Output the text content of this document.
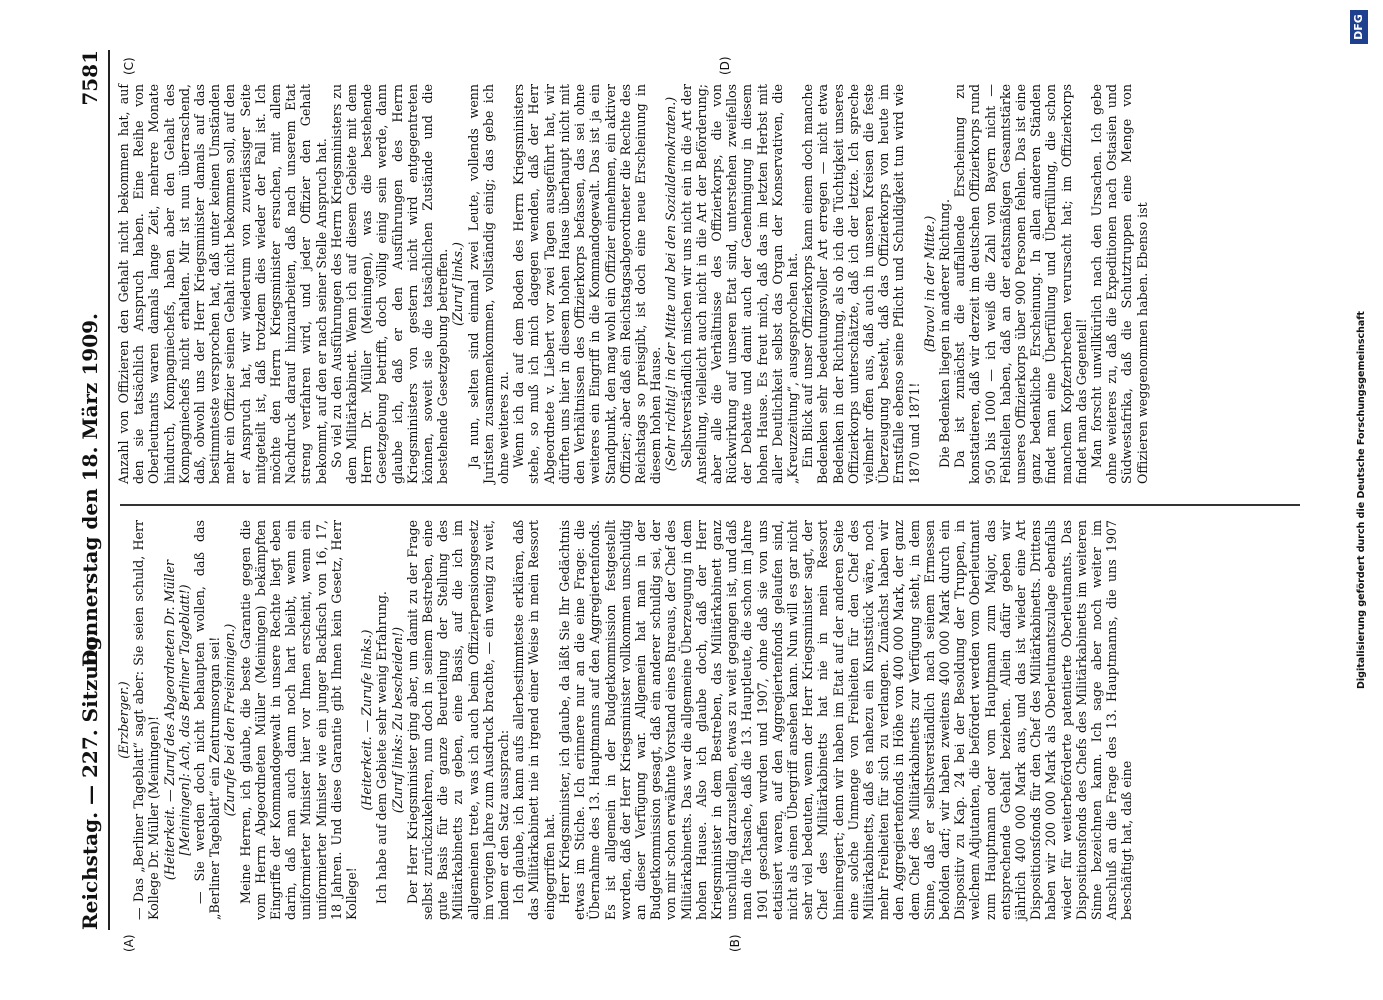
Reichstag. — 227. Sitzung.
Donnerstag den 18. März 1909.
7581
(A)	(B)
(C)	(D)

(Erzberger.) — Das „Berliner Tageblatt“ sagt aber: Sie seien schuld, Herr Kollege Dr. Müller (Meiningen)! (Heiterkeit. — Zuruf des Abgeordneten Dr. Müller [Meiningen]: Ach, das Berliner Tageblatt!) — Sie werden doch nicht behaupten wollen, daß das „Berliner Tageblatt“ ein Zentrumsorgan sei! (Zurufe bei den Freisinnigen.) Meine Herren, ich glaube, die beste Garantie gegen die vom Herrn Abgeordneten Müller (Meiningen) bekämpften Eingriffe der Kommandogewalt in unsere Rechte liegt eben darin, daß man auch dann noch hart bleibt, wenn ein uniformierter Minister hier vor Ihnen erscheint, wenn ein uniformierter Minister wie ein junger Backfisch von 16, 17, 18 Jahren. Und diese Garantie gibt Ihnen kein Gesetz, Herr Kollege!

(Heiterkeit. — Zurufe links.) Ich habe auf dem Gebiete sehr wenig Erfahrung. (Zuruf links: Zu bescheiden!) Der Herr Kriegsminister ging aber, um damit zu der Frage selbst zurückzukehren, nun doch in seinem Bestreben, eine gute Basis für die ganze Beurteilung der Stellung des Militärkabinetts zu geben, eine Basis, auf die ich im allgemeinen trete, was ich auch beim Offizierpensionsgesetz im vorigen Jahre zum Ausdruck brachte, — ein wenig zu weit, indem er den Satz aussprach: Ich glaube, ich kann aufs allerbestimmteste erklären, daß das Militärkabinett nie in irgend einer Weise in mein Ressort eingegriffen hat. Herr Kriegsminister, ich glaube, da läßt Sie Ihr Gedächtnis etwas im Stiche. Ich erinnere nur an die eine Frage: die Übernahme des 13. Hauptmanns auf den Aggregiertenfonds. Es ist allgemein in der Budgetkommission festgestellt worden, daß der Herr Kriegsminister vollkommen unschuldig an dieser Verfügung war. Allgemein hat man in der Budgetkommission gesagt, daß ein anderer schuldig sei, der von mir schon erwähnte Vorstand eines Bureaus, der Chef des Militärkabinetts. Das war die allgemeine Überzeugung in dem hohen Hause. Also ich glaube doch, daß der Herr Kriegsminister in dem Bestreben, das Militärkabinett ganz unschuldig darzustellen, etwas zu weit gegangen ist, und daß man die Tatsache, daß die 13. Hauptleute, die schon im Jahre 1901 geschaffen wurden und 1907, ohne daß sie von uns etatisiert waren, auf den Aggregiertenfonds gelaufen sind, nicht als einen Übergriff ansehen kann. Nun will es gar nicht sehr viel bedeuten, wenn der Herr Kriegsminister sagt, der Chef des Militärkabinetts hat nie in mein Ressort hineinregiert; denn wir haben im Etat auf der anderen Seite eine solche Unmenge von Freiheiten für den Chef des Militärkabinetts, daß es nahezu ein Kunststück wäre, noch mehr Freiheiten für sich zu verlangen. Zunächst haben wir den Aggregiertenfonds in Höhe von 400 000 Mark, der ganz dem Chef des Militärkabinetts zur Verfügung steht, in dem Sinne, daß er selbstverständlich nach seinem Ermessen befolden darf; wir haben zweitens 400 000 Mark durch ein Dispositiv zu Kap. 24 bei der Besoldung der Truppen, in welchem Adjutanten, die befördert werden vom Oberleutnant zum Hauptmann oder vom Hauptmann zum Major, das entsprechende Gehalt beziehen. Allein dafür geben wir jährlich 400 000 Mark aus, und das ist wieder eine Art Dispositionsfonds für den Chef des Militärkabinetts. Drittens haben wir 200 000 Mark als Oberleutnantszulage ebenfalls wieder für weiterbeförderte patentierte Oberleutnants. Das Dispositionsfonds des Chefs des Militärkabinetts im weiteren Sinne bezeichnen kann. Ich sage aber noch weiter im Anschluß an die Frage des 13. Hauptmanns, die uns 1907 beschäftigt hat, daß eine

Anzahl von Offizieren den Gehalt nicht bekommen hat, auf den sie tatsächlich Anspruch haben. Eine Reihe von Oberleutnants waren damals lange Zeit, mehrere Monate hindurch, Kompagniechefs, haben aber den Gehalt des Kompagniechefs nicht erhalten. Mir ist nun überraschend, daß, obwohl uns der Herr Kriegsminister damals auf das bestimmteste versprochen hat, daß unter keinen Umständen mehr ein Offizier seinen Gehalt nicht bekommen soll, auf den er Anspruch hat, wir wiederum von zuverlässiger Seite mitgeteilt ist, daß trotzdem dies wieder der Fall ist. Ich möchte den Herrn Kriegsminister ersuchen, mit allem Nachdruck darauf hinzuarbeiten, daß nach unserem Etat streng verfahren wird, und jeder Offizier den Gehalt bekommt, auf den er nach seiner Stelle Anspruch hat. So viel zu den Ausführungen des Herrn Kriegsministers zu dem Militärkabinett. Wenn ich auf diesem Gebiete mit dem Herrn Dr. Müller (Meiningen), was die bestehende Gesetzgebung betrifft, doch völlig einig sein werde, dann glaube ich, daß er den Ausführungen des Herrn Kriegsministers von gestern nicht wird entgegentreten können, soweit sie die tatsächlichen Zustände und die bestehende Gesetzgebung betreffen. (Zuruf links.) Ja nun, selten sind einmal zwei Leute, vollends wenn Juristen zusammenkommen, vollständig einig; das gebe ich ohne weiteres zu. Wenn ich da auf dem Boden des Herrn Kriegsministers stehe, so muß ich mich dagegen wenden, daß der Herr Abgeordnete v. Liebert vor zwei Tagen ausgeführt hat, wir dürften uns hier in diesem hohen Hause überhaupt nicht mit den Verhältnissen des Offizierkorps befassen, das sei ohne weiteres ein Eingriff in die Kommandogewalt. Das ist ja ein Standpunkt, den mag wohl ein Offizier einnehmen, ein aktiver Offizier; aber daß ein Reichstagsabgeordneter die Rechte des Reichstags so preisgibt, ist doch eine neue Erscheinung in diesem hohen Hause. (Sehr richtig! in der Mitte und bei den Sozialdemokraten.) Selbstverständlich mischen wir uns nicht ein in die Art der Anstellung, vielleicht auch nicht in die Art der Beförderung; aber alle die Verhältnisse des Offizierkorps, die von Rückwirkung auf unseren Etat sind, unterstehen zweifellos der Debatte und damit auch der Genehmigung in diesem hohen Hause. Es freut mich, daß das im letzten Herbst mit aller Deutlichkeit selbst das Organ der Konservativen, die „Kreuzzeitung“, ausgesprochen hat. Ein Blick auf unser Offizierkorps kann einem doch manche Bedenken sehr bedeutungsvoller Art erregen — nicht etwa Bedenken in der Richtung, als ob ich die Tüchtigkeit unseres Offizierkorps unterschätzte, daß ich der letzte. Ich spreche vielmehr offen aus, daß auch in unseren Kreisen die feste Überzeugung besteht, daß das Offizierkorps von heute im Ernstfalle ebenso seine Pflicht und Schuldigkeit tun wird wie 1870 und 1871!

(Bravo! in der Mitte.) Die Bedenken liegen in anderer Richtung. Da ist zunächst die auffallende Erscheinung zu konstatieren, daß wir derzeit im deutschen Offizierkorps rund 950 bis 1000 — ich weiß die Zahl von Bayern nicht — Fehlstellen haben, daß an der etatsmäßigen Gesamtstärke unseres Offizierkorps über 900 Personen fehlen. Das ist eine ganz bedenkliche Erscheinung. In allen anderen Ständen findet man eine Überfüllung und Überfüllung, die schon manchem Kopfzerbrechen verursacht hat; im Offizierkorps findet man das Gegenteil! Man forscht unwillkürlich nach den Ursachen. Ich gebe ohne weiteres zu, daß die Expeditionen nach Ostasien und Südwestafrika, daß die Schutztruppen eine Menge von Offizieren weggenommen haben. Ebenso ist	Digitalisierung gefördert durch die Deutsche Forschungsgemeinschaft
DFG
